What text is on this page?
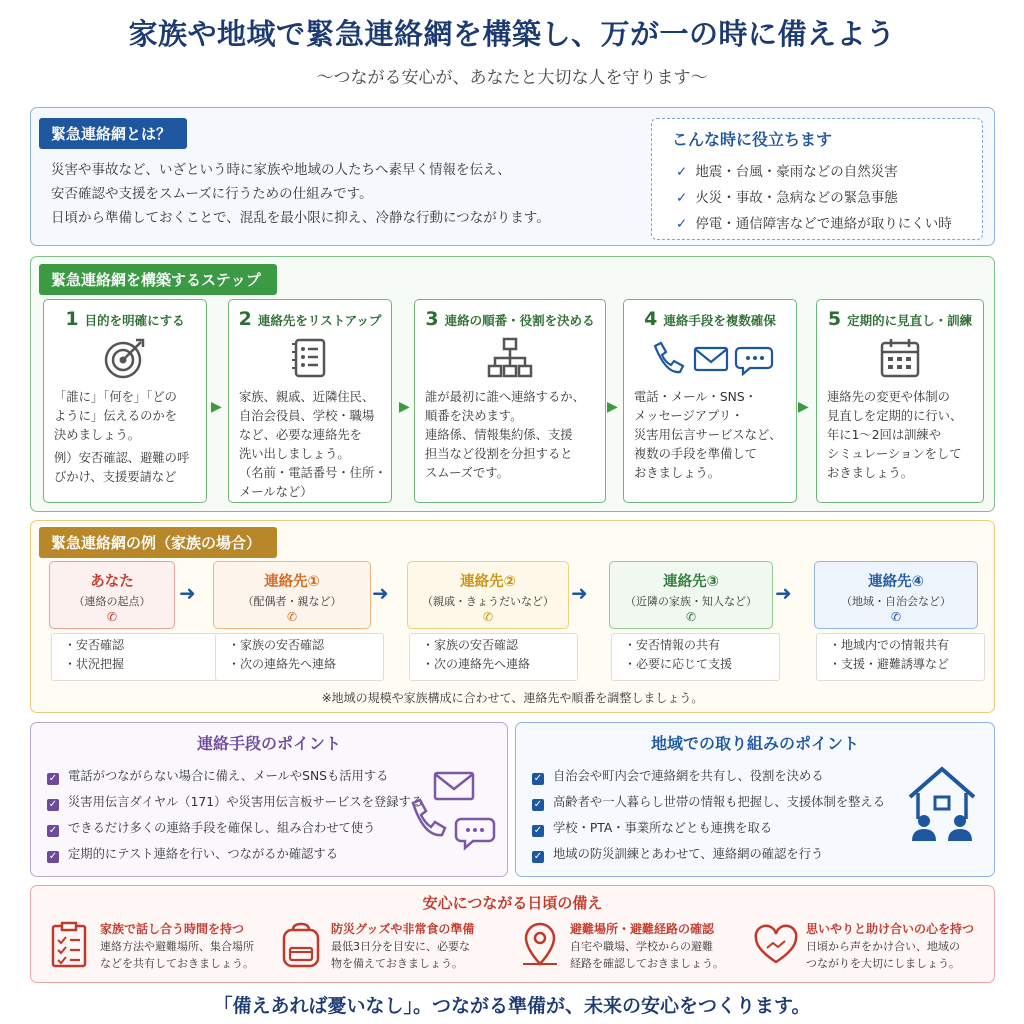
家族や地域で緊急連絡網を構築し、万が一の時に備えよう
〜つながる安心が、あなたと大切な人を守ります〜
緊急連絡網とは？
災害や事故など、いざという時に家族や地域の人たちへ素早く情報を伝え、
安否確認や支援をスムーズに行うための仕組みです。
日頃から準備しておくことで、混乱を最小限に抑え、冷静な行動につながります。
こんな時に役立ちます
✓ 地震・台風・豪雨などの自然災害
✓ 火災・事故・急病などの緊急事態
✓ 停電・通信障害などで連絡が取りにくい時
緊急連絡網を構築するステップ
1 目的を明確にする
「誰に」「何を」「どの
ように」伝えるのかを
決めましょう。
例）安否確認、避難の呼
びかけ、支援要請など
▶
2 連絡先をリストアップ
家族、親戚、近隣住民、
自治会役員、学校・職場
など、必要な連絡先を
洗い出しましょう。
（名前・電話番号・住所・
メールなど）
▶
3 連絡の順番・役割を決める
誰が最初に誰へ連絡するか、
順番を決めます。
連絡係、情報集約係、支援
担当など役割を分担すると
スムーズです。
▶
4 連絡手段を複数確保
電話・メール・SNS・
メッセージアプリ・
災害用伝言サービスなど、
複数の手段を準備して
おきましょう。
▶
5 定期的に見直し・訓練
連絡先の変更や体制の
見直しを定期的に行い、
年に1〜2回は訓練や
シミュレーションをして
おきましょう。
緊急連絡網の例（家族の場合）
あなた
（連絡の起点）
✆
・安否確認
・状況把握
➜	連絡先①
（配偶者・親など）
✆
・家族の安否確認
・次の連絡先へ連絡
➜	連絡先②
（親戚・きょうだいなど）
✆
・家族の安否確認
・次の連絡先へ連絡
➜	連絡先③
（近隣の家族・知人など）
✆
・安否情報の共有
・必要に応じて支援
➜	連絡先④
（地域・自治会など）
✆
・地域内での情報共有
・支援・避難誘導など
※地域の規模や家族構成に合わせて、連絡先や順番を調整しましょう。
連絡手段のポイント
✓ 電話がつながらない場合に備え、メールやSNSも活用する
✓ 災害用伝言ダイヤル（171）や災害用伝言板サービスを登録する
✓ できるだけ多くの連絡手段を確保し、組み合わせて使う
✓ 定期的にテスト連絡を行い、つながるか確認する
地域での取り組みのポイント
✓ 自治会や町内会で連絡網を共有し、役割を決める
✓ 高齢者や一人暮らし世帯の情報も把握し、支援体制を整える
✓ 学校・PTA・事業所などとも連携を取る
✓ 地域の防災訓練とあわせて、連絡網の確認を行う
安心につながる日頃の備え
家族で話し合う時間を持つ
連絡方法や避難場所、集合場所
などを共有しておきましょう。
防災グッズや非常食の準備
最低3日分を目安に、必要な
物を備えておきましょう。
避難場所・避難経路の確認
自宅や職場、学校からの避難
経路を確認しておきましょう。
思いやりと助け合いの心を持つ
日頃から声をかけ合い、地域の
つながりを大切にしましょう。
「備えあれば憂いなし」。つながる準備が、未来の安心をつくります。
